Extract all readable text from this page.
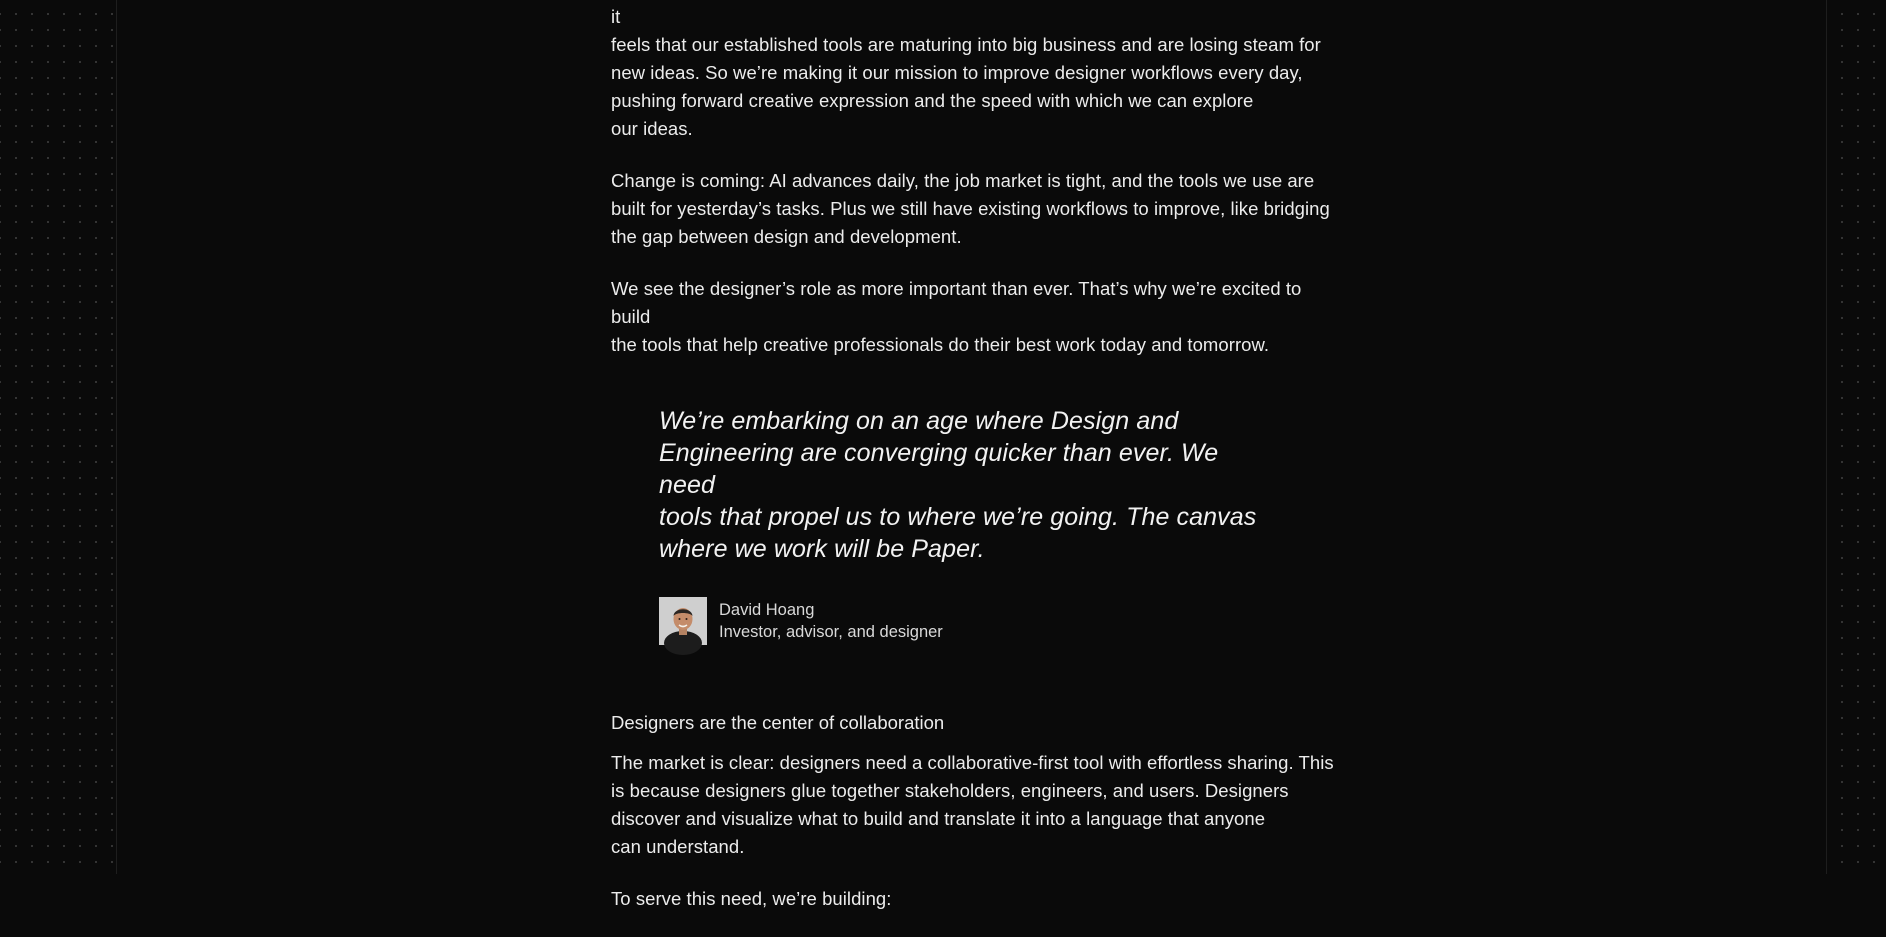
it
feels that our established tools are maturing into big business and are losing steam for
new ideas. So we’re making it our mission to improve designer workflows every day,
pushing forward creative expression and the speed with which we can explore
our ideas.

Change is coming: AI advances daily, the job market is tight, and the tools we use are
built for yesterday’s tasks. Plus we still have existing workflows to improve, like bridging
the gap between design and development.

We see the designer’s role as more important than ever. That’s why we’re excited to build
the tools that help creative professionals do their best work today and tomorrow.

We’re embarking on an age where Design and
Engineering are converging quicker than ever. We need
tools that propel us to where we’re going. The canvas
where we work will be Paper.

David Hoang
Investor, advisor, and designer
Designers are the center of collaboration

The market is clear: designers need a collaborative-first tool with effortless sharing. This
is because designers glue together stakeholders, engineers, and users. Designers
discover and visualize what to build and translate it into a language that anyone
can understand.

To serve this need, we’re building:
